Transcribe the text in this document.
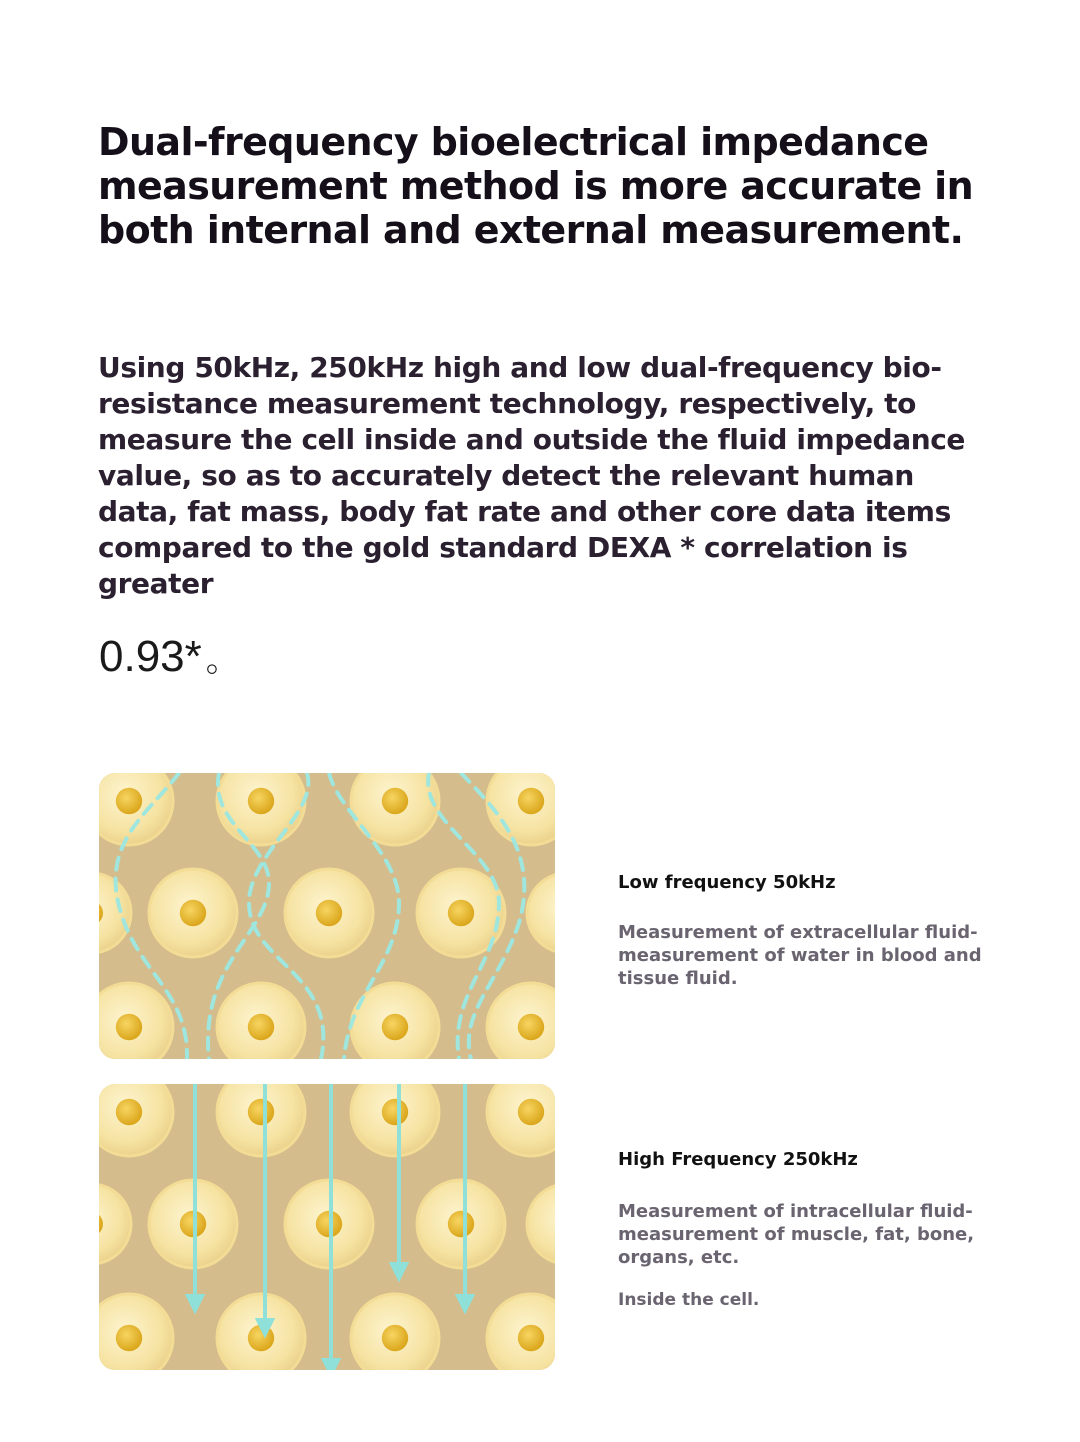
Dual-frequency bioelectrical impedance measurement method is more accurate in both internal and external measurement.

Using 50kHz, 250kHz high and low dual-frequency bio-resistance measurement technology, respectively, to measure the cell inside and outside the fluid impedance value, so as to accurately detect the relevant human data, fat mass, body fat rate and other core data items compared to the gold standard DEXA * correlation is greater

0.93* 。

Low frequency 50kHz

Measurement of extracellular fluid-measurement of water in blood and tissue fluid.

High Frequency 250kHz

Measurement of intracellular fluid-measurement of muscle, fat, bone, organs, etc.

Inside the cell.
